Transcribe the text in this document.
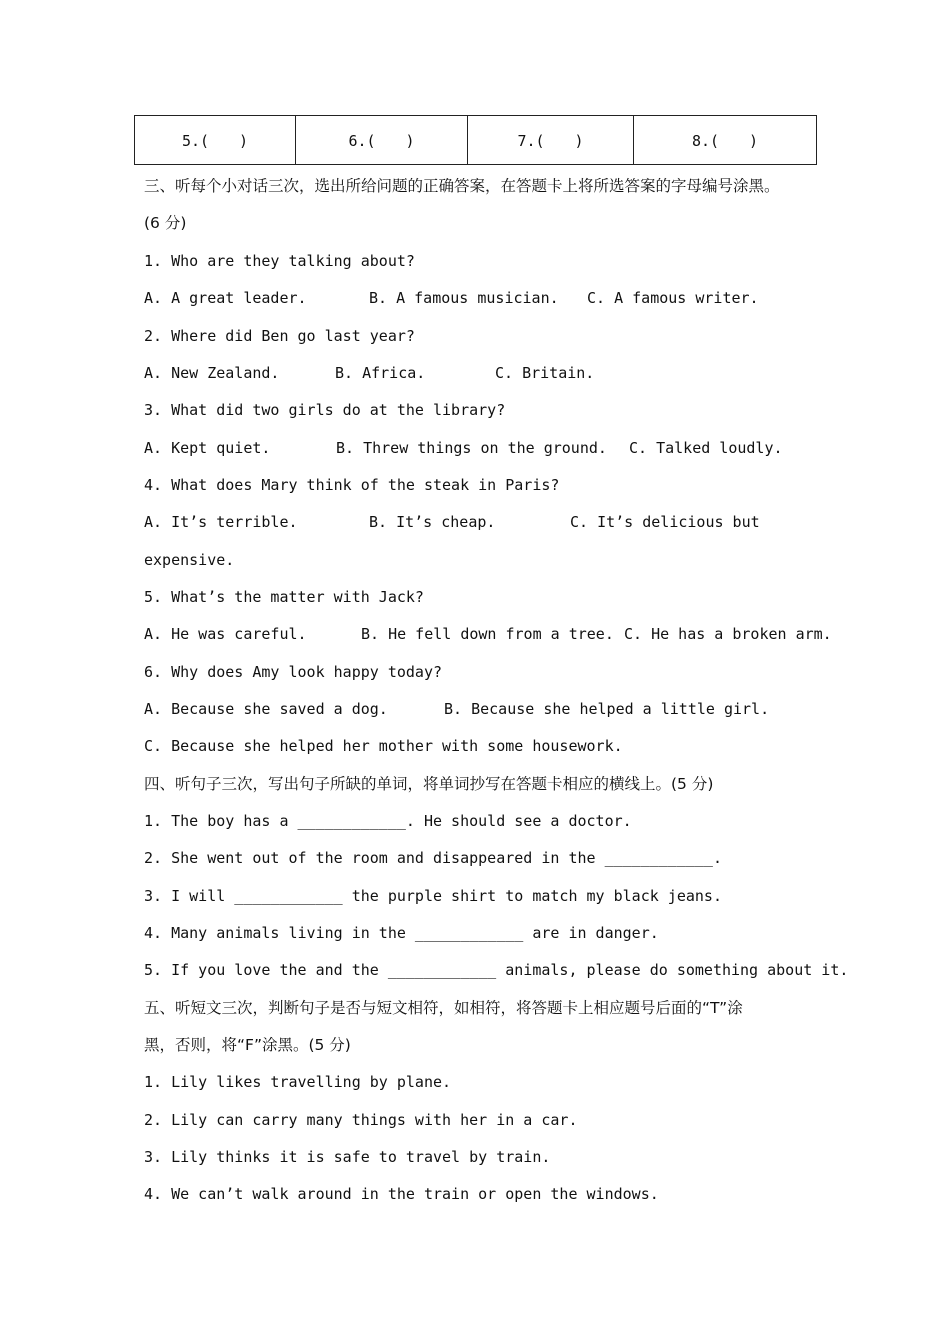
5.(　　)	6.(　　)	7.(　　)	8.(　　)
三、听每个小对话三次，选出所给问题的正确答案，在答题卡上将所选答案的字母编号涂黑。
(6 分)
1. Who are they talking about?
A. A great leader.	B. A famous musician. C. A famous writer.
2. Where did Ben go last year?
A. New Zealand.	B. Africa.	C. Britain.
3. What did two girls do at the library?
A. Kept quiet.	B. Threw things on the ground. C. Talked loudly.
4. What does Mary think of the steak in Paris?
A. It’s terrible.	B. It’s cheap.	C. It’s delicious but
expensive.
5. What’s the matter with Jack?
A. He was careful.	B. He fell down from a tree. C. He has a broken arm.
6. Why does Amy look happy today?
A. Because she saved a dog.	B. Because she helped a little girl.
C. Because she helped her mother with some housework.
四、听句子三次，写出句子所缺的单词，将单词抄写在答题卡相应的横线上。(5 分)
1. The boy has a ____________. He should see a doctor.
2. She went out of the room and disappeared in the ____________.
3. I will ____________ the purple shirt to match my black jeans.
4. Many animals living in the ____________ are in danger.
5. If you love the and the ____________ animals, please do something about it.
五、听短文三次，判断句子是否与短文相符，如相符，将答题卡上相应题号后面的“T”涂
黑，否则，将“F”涂黑。(5 分)
1. Lily likes travelling by plane.
2. Lily can carry many things with her in a car.
3. Lily thinks it is safe to travel by train.
4. We can’t walk around in the train or open the windows.
